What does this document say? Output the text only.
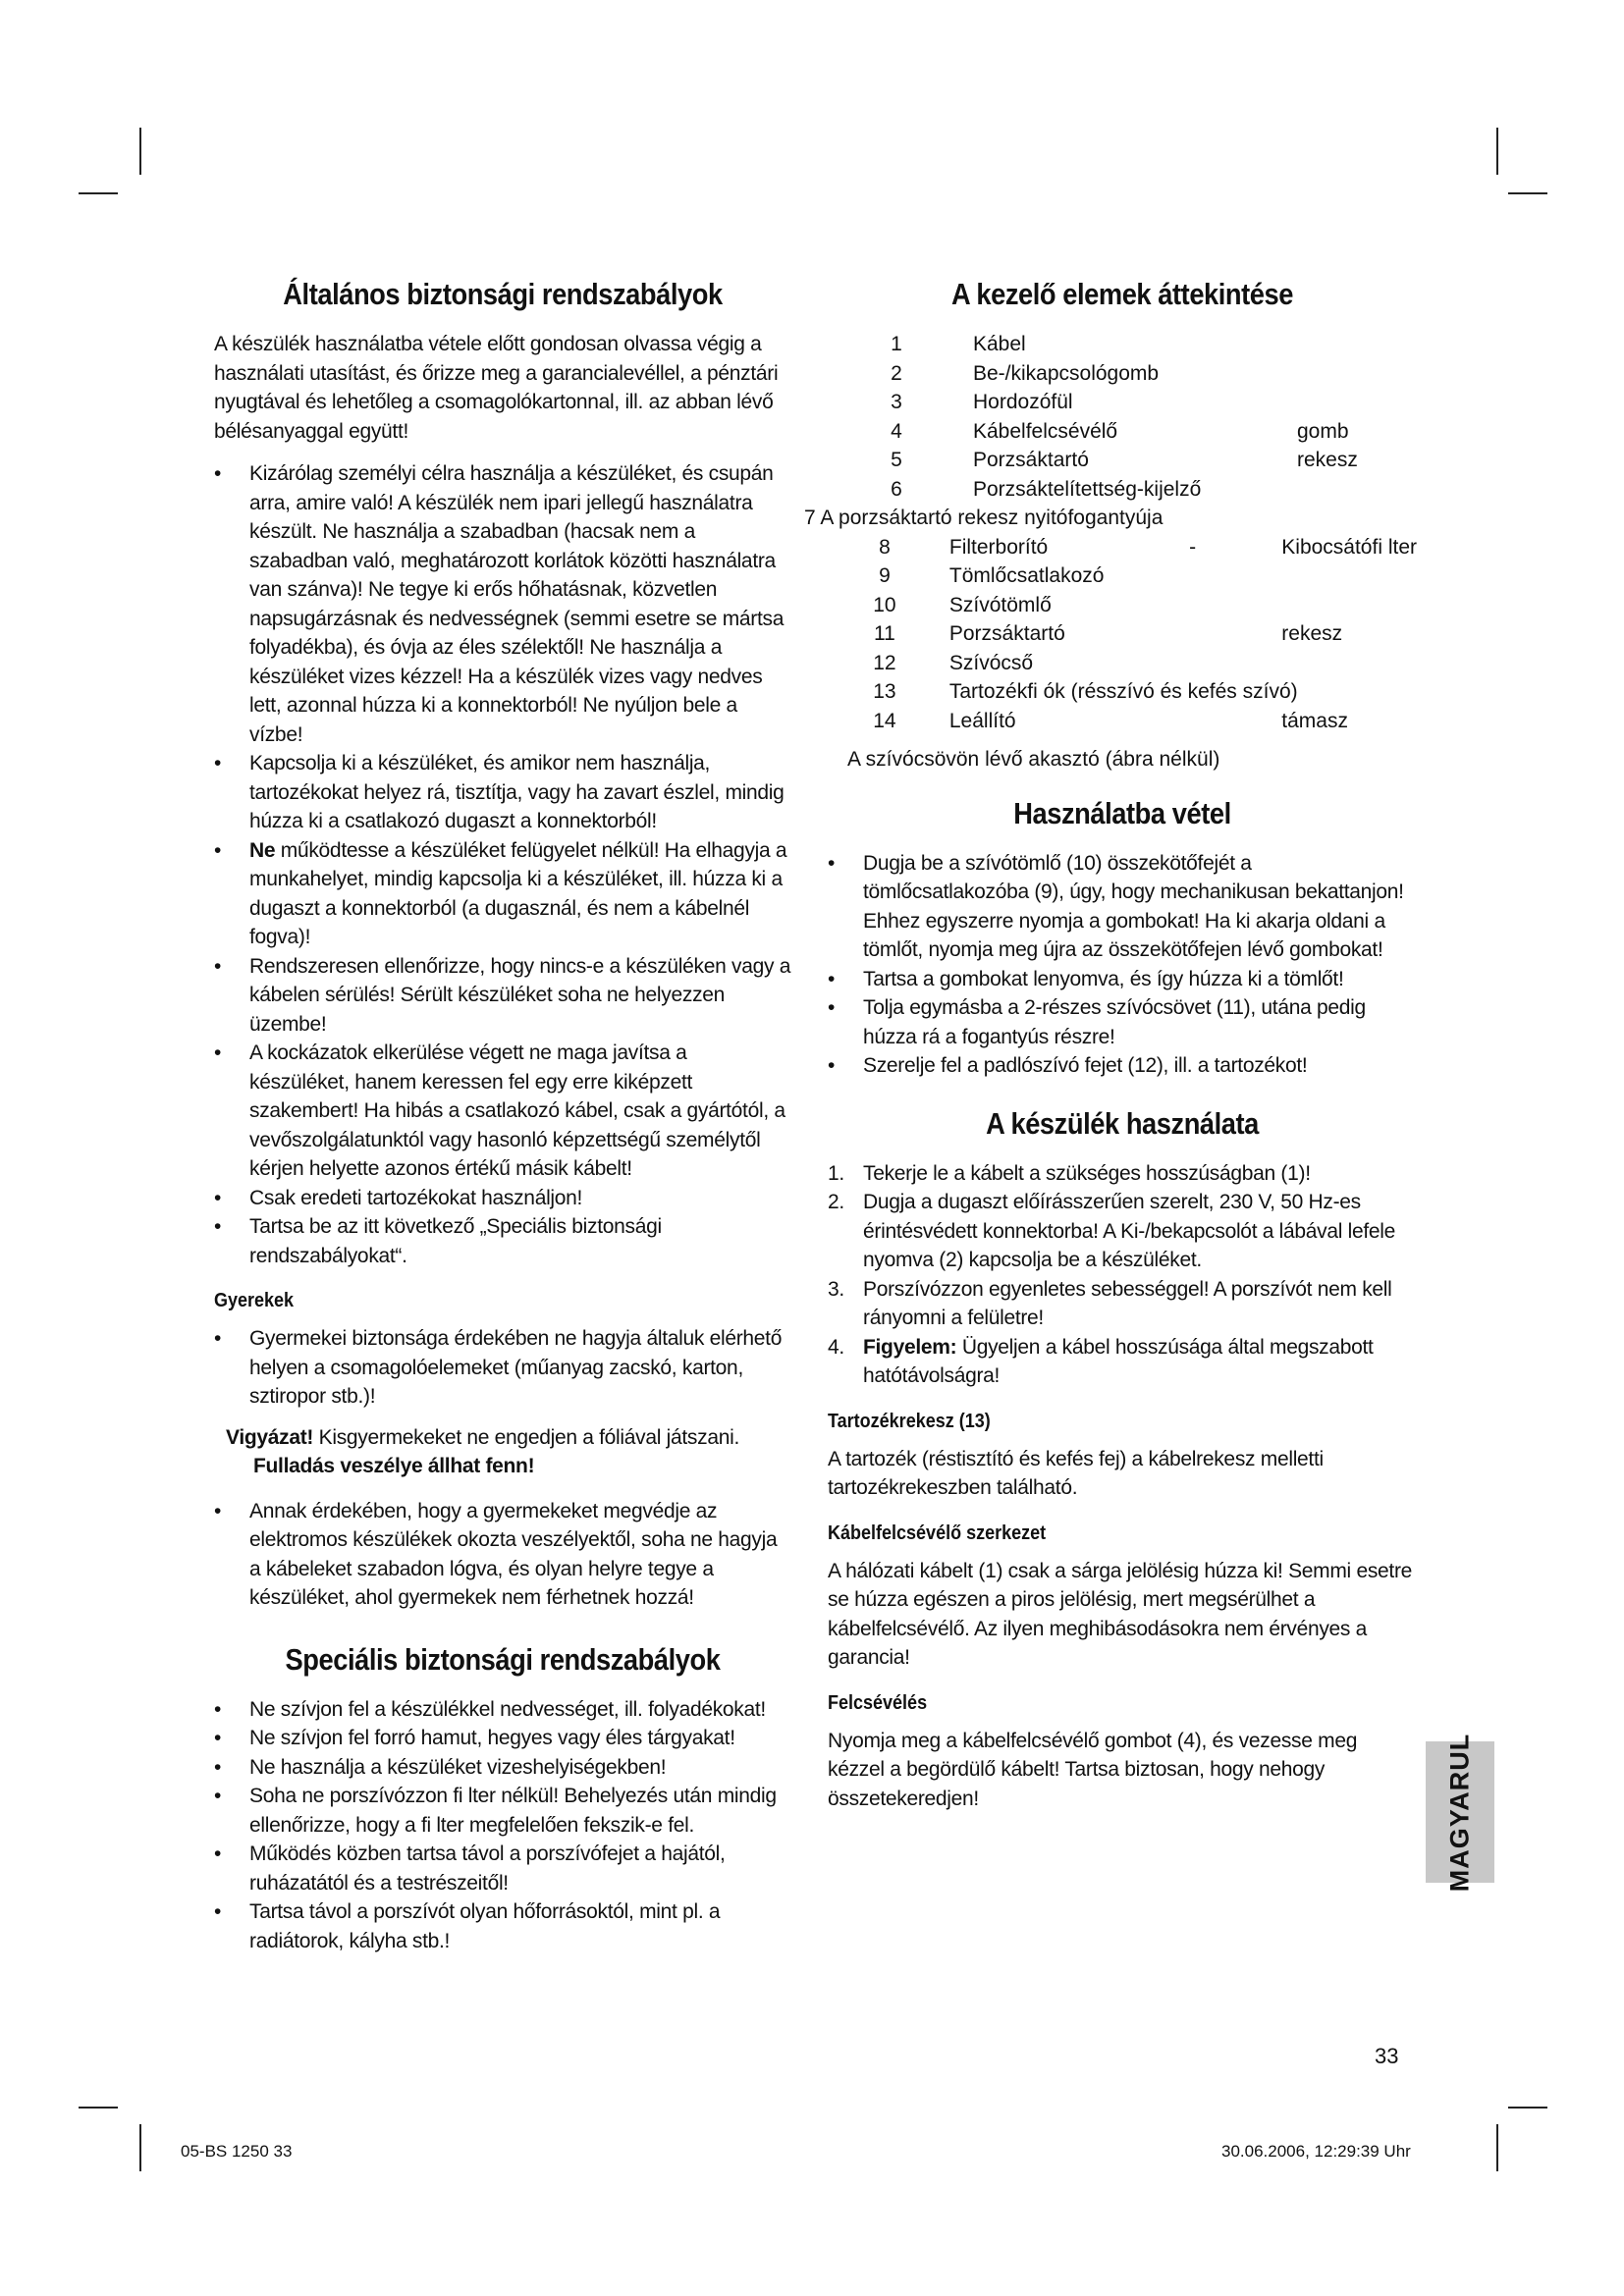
Általános biztonsági rendszabályok

A készülék használatba vétele előtt gondosan olvassa végig a használati utasítást, és őrizze meg a garancialevéllel, a pénztári nyugtával és lehetőleg a csomagolókartonnal, ill. az abban lévő bélésanyaggal együtt!

• Kizárólag személyi célra használja a készüléket, és csupán arra, amire való! A készülék nem ipari jellegű használatra készült. Ne használja a szabadban (hacsak nem a szabadban való, meghatározott korlátok közötti használatra van szánva)! Ne tegye ki erős hőhatásnak, közvetlen napsugárzásnak és nedvességnek (semmi esetre se mártsa folyadékba), és óvja az éles szélektől! Ne használja a készüléket vizes kézzel! Ha a készülék vizes vagy nedves lett, azonnal húzza ki a konnektorból! Ne nyúljon bele a vízbe!
• Kapcsolja ki a készüléket, és amikor nem használja, tartozékokat helyez rá, tisztítja, vagy ha zavart észlel, mindig húzza ki a csatlakozó dugaszt a konnektorból!
• Ne működtesse a készüléket felügyelet nélkül! Ha elhagyja a munkahelyet, mindig kapcsolja ki a készüléket, ill. húzza ki a dugaszt a konnektorból (a dugasznál, és nem a kábelnél fogva)!
• Rendszeresen ellenőrizze, hogy nincs-e a készüléken vagy a kábelen sérülés! Sérült készüléket soha ne helyezzen üzembe!
• A kockázatok elkerülése végett ne maga javítsa a készüléket, hanem keressen fel egy erre kiképzett szakembert! Ha hibás a csatlakozó kábel, csak a gyártótól, a vevőszolgálatunktól vagy hasonló képzettségű személytől kérjen helyette azonos értékű másik kábelt!
• Csak eredeti tartozékokat használjon!
• Tartsa be az itt következő „Speciális biztonsági rendszabályokat“.
Gyerekek
• Gyermekei biztonsága érdekében ne hagyja általuk elérhető helyen a csomagolóelemeket (műanyag zacskó, karton, sztiropor stb.)!

Vigyázat! Kisgyermekeket ne engedjen a fóliával játszani.

Fulladás veszélye állhat fenn!

• Annak érdekében, hogy a gyermekeket megvédje az elektromos készülékek okozta veszélyektől, soha ne hagyja a kábeleket szabadon lógva, és olyan helyre tegye a készüléket, ahol gyermekek nem férhetnek hozzá!
Speciális biztonsági rendszabályok
• Ne szívjon fel a készülékkel nedvességet, ill. folyadékokat!
• Ne szívjon fel forró hamut, hegyes vagy éles tárgyakat!
• Ne használja a készüléket vizeshelyiségekben!
• Soha ne porszívózzon fi lter nélkül! Behelyezés után mindig ellenőrizze, hogy a fi lter megfelelően fekszik-e fel.
• Működés közben tartsa távol a porszívófejet a hajától, ruházatától és a testrészeitől!
• Tartsa távol a porszívót olyan hőforrásoktól, mint pl. a radiátorok, kályha stb.!
A kezelő elemek áttekintése
1	Kábel		
2	Be-/kikapcsológomb		
3	Hordozófül		
4	Kábelfelcsévélő		gomb
5	Porzsáktartó		rekesz
6	Porzsáktelítettség-kijelző		
7 A porzsáktartó rekesz nyitófogantyúja
8	Filterborító	-	Kibocsátófi lter
9	Tömlőcsatlakozó		
10	Szívótömlő		
11	Porzsáktartó		rekesz
12	Szívócső		
13	Tartozékfi ók (résszívó és kefés szívó)		
14	Leállító		támasz
A szívócsövön lévő akasztó (ábra nélkül)
Használatba vétel
• Dugja be a szívótömlő (10) összekötőfejét a tömlőcsatlakozóba (9), úgy, hogy mechanikusan bekattanjon! Ehhez egyszerre nyomja a gombokat! Ha ki akarja oldani a tömlőt, nyomja meg újra az összekötőfejen lévő gombokat!
• Tartsa a gombokat lenyomva, és így húzza ki a tömlőt!
• Tolja egymásba a 2-részes szívócsövet (11), utána pedig húzza rá a fogantyús részre!
• Szerelje fel a padlószívó fejet (12), ill. a tartozékot!
A készülék használata
1. Tekerje le a kábelt a szükséges hosszúságban (1)!
2. Dugja a dugaszt előírásszerűen szerelt, 230 V, 50 Hz-es érintésvédett konnektorba! A Ki-/bekapcsolót a lábával lefele nyomva (2) kapcsolja be a készüléket.
3. Porszívózzon egyenletes sebességgel! A porszívót nem kell rányomni a felületre!
4. Figyelem: Ügyeljen a kábel hosszúsága által megszabott hatótávolságra!
Tartozékrekesz (13)

A tartozék (réstisztító és kefés fej) a kábelrekesz melletti tartozékrekeszben található.

Kábelfelcsévélő szerkezet

A hálózati kábelt (1) csak a sárga jelölésig húzza ki! Semmi esetre se húzza egészen a piros jelölésig, mert megsérülhet a kábelfelcsévélő. Az ilyen meghibásodásokra nem érvényes a garancia!

Felcsévélés

Nyomja meg a kábelfelcsévélő gombot (4), és vezesse meg kézzel a begördülő kábelt! Tartsa biztosan, hogy nehogy összetekeredjen!	MAGYARUL
33
05-BS 1250 33	30.06.2006, 12:29:39 Uhr
